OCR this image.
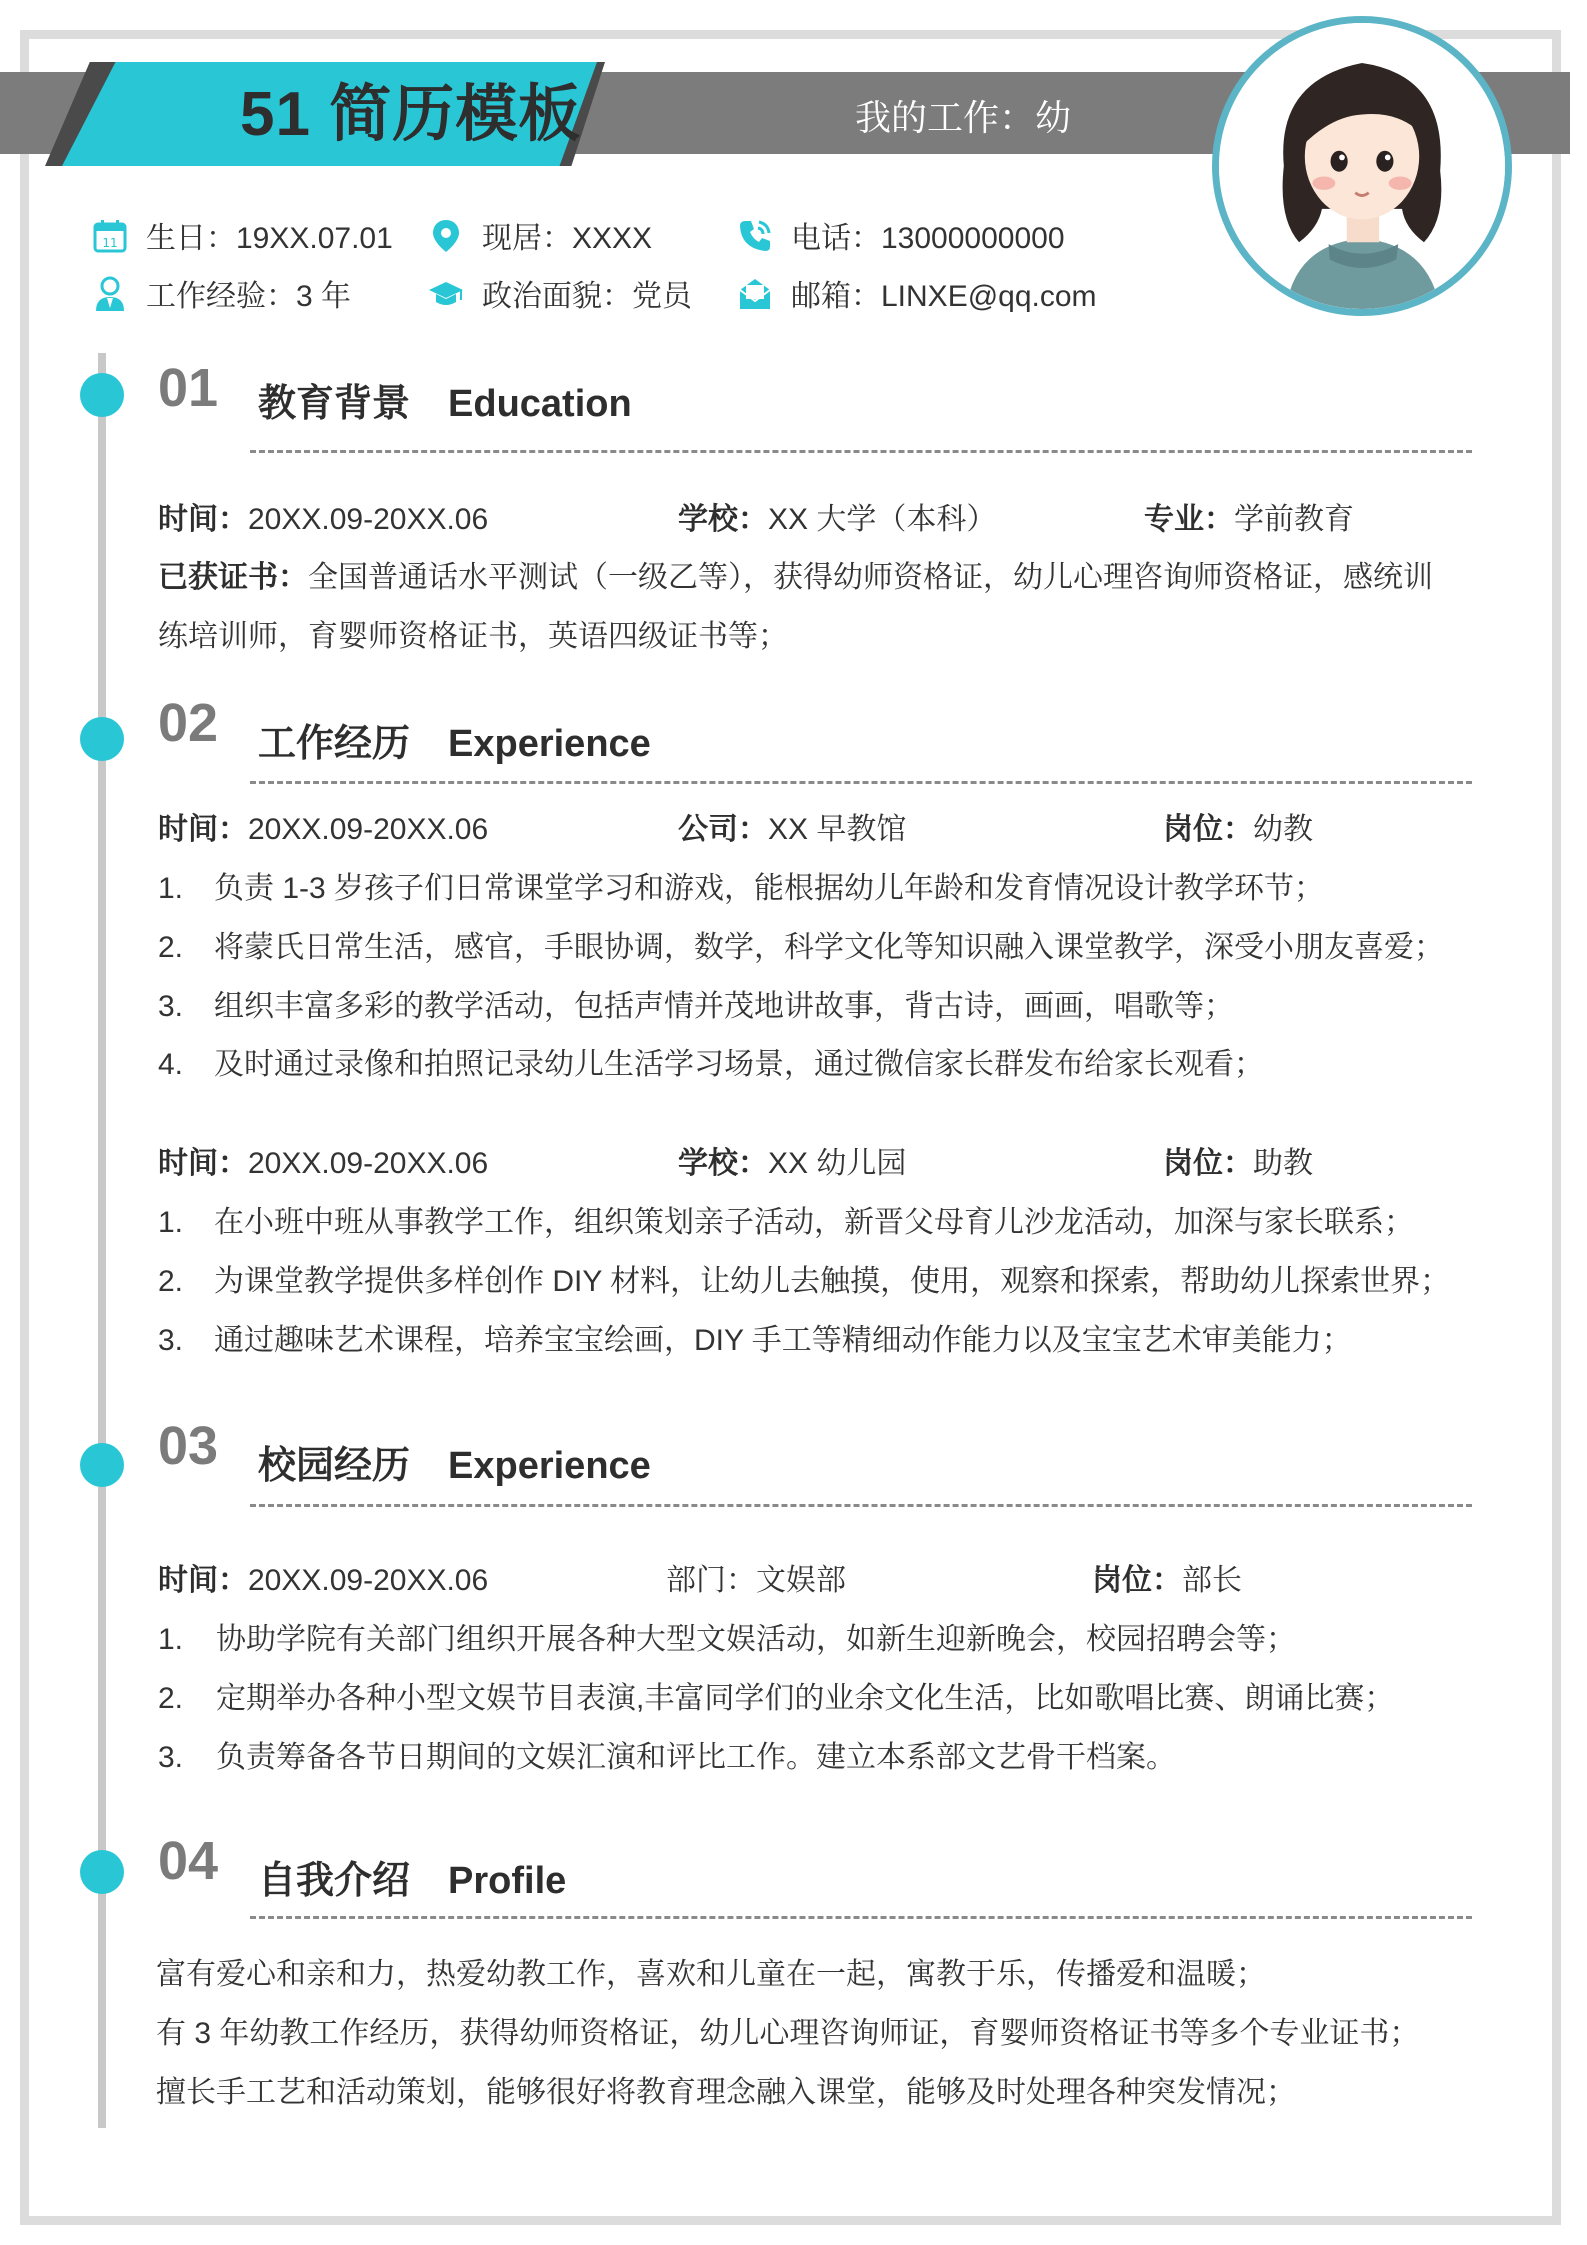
51 简历模板	我的工作：幼
11 生日：19XX.07.01	现居：XXXX	电话：13000000000
工作经验：3 年	政治面貌：党员	邮箱：LINXE@qq.com
01 教育背景 Education
时间：20XX.09-20XX.06	学校：XX 大学（本科）	专业：学前教育
已获证书：全国普通话水平测试（一级乙等），获得幼师资格证，幼儿心理咨询师资格证，感统训
练培训师，育婴师资格证书，英语四级证书等；
02 工作经历 Experience
时间：20XX.09-20XX.06	公司：XX 早教馆	岗位：幼教
1. 负责 1-3 岁孩子们日常课堂学习和游戏，能根据幼儿年龄和发育情况设计教学环节；
2. 将蒙氏日常生活，感官，手眼协调，数学，科学文化等知识融入课堂教学，深受小朋友喜爱；
3. 组织丰富多彩的教学活动，包括声情并茂地讲故事，背古诗，画画，唱歌等；
4. 及时通过录像和拍照记录幼儿生活学习场景，通过微信家长群发布给家长观看；
时间：20XX.09-20XX.06	学校：XX 幼儿园	岗位：助教
1. 在小班中班从事教学工作，组织策划亲子活动，新晋父母育儿沙龙活动，加深与家长联系；
2. 为课堂教学提供多样创作 DIY 材料，让幼儿去触摸，使用，观察和探索，帮助幼儿探索世界；
3. 通过趣味艺术课程，培养宝宝绘画，DIY 手工等精细动作能力以及宝宝艺术审美能力；
03 校园经历 Experience
时间：20XX.09-20XX.06	部门：文娱部	岗位：部长
1. 协助学院有关部门组织开展各种大型文娱活动，如新生迎新晚会，校园招聘会等；
2. 定期举办各种小型文娱节目表演,丰富同学们的业余文化生活，比如歌唱比赛、朗诵比赛；
3. 负责筹备各节日期间的文娱汇演和评比工作。建立本系部文艺骨干档案。
04 自我介绍 Profile
富有爱心和亲和力，热爱幼教工作，喜欢和儿童在一起，寓教于乐，传播爱和温暖；
有 3 年幼教工作经历，获得幼师资格证，幼儿心理咨询师证，育婴师资格证书等多个专业证书；
擅长手工艺和活动策划，能够很好将教育理念融入课堂，能够及时处理各种突发情况；
